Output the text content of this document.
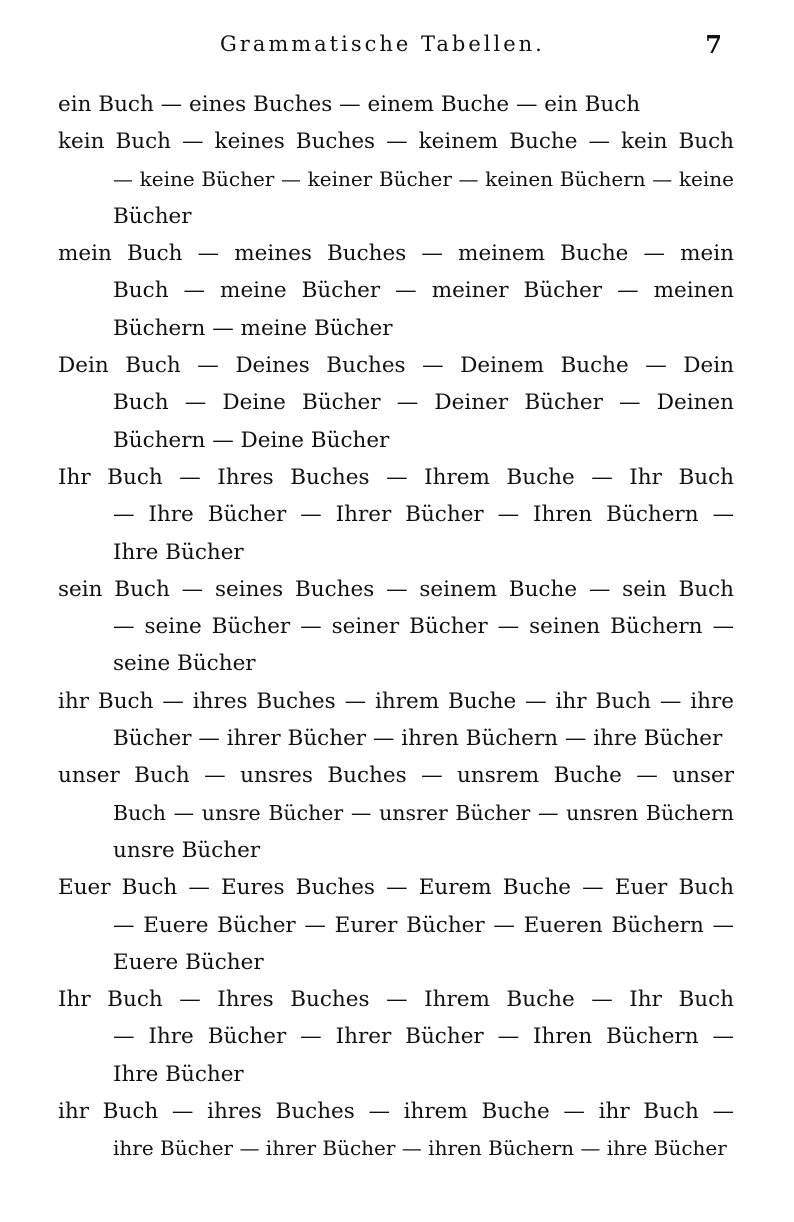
Grammatische Tabellen.	7
ein Buch — eines Buches — einem Buche — ein Buch
kein Buch — keines Buches — keinem Buche — kein Buch
— keine Bücher — keiner Bücher — keinen Büchern — keine
Bücher
mein Buch — meines Buches — meinem Buche — mein
Buch — meine Bücher — meiner Bücher — meinen
Büchern — meine Bücher
Dein Buch — Deines Buches — Deinem Buche — Dein
Buch — Deine Bücher — Deiner Bücher — Deinen
Büchern — Deine Bücher
Ihr Buch — Ihres Buches — Ihrem Buche — Ihr Buch
— Ihre Bücher — Ihrer Bücher — Ihren Büchern —
Ihre Bücher
sein Buch — seines Buches — seinem Buche — sein Buch
— seine Bücher — seiner Bücher — seinen Büchern —
seine Bücher
ihr Buch — ihres Buches — ihrem Buche — ihr Buch — ihre
Bücher — ihrer Bücher — ihren Büchern — ihre Bücher
unser Buch — unsres Buches — unsrem Buche — unser
Buch — unsre Bücher — unsrer Bücher — unsren Büchern
unsre Bücher
Euer Buch — Eures Buches — Eurem Buche — Euer Buch
— Euere Bücher — Eurer Bücher — Eueren Büchern —
Euere Bücher
Ihr Buch — Ihres Buches — Ihrem Buche — Ihr Buch
— Ihre Bücher — Ihrer Bücher — Ihren Büchern —
Ihre Bücher
ihr Buch — ihres Buches — ihrem Buche — ihr Buch —
ihre Bücher — ihrer Bücher — ihren Büchern — ihre Bücher
